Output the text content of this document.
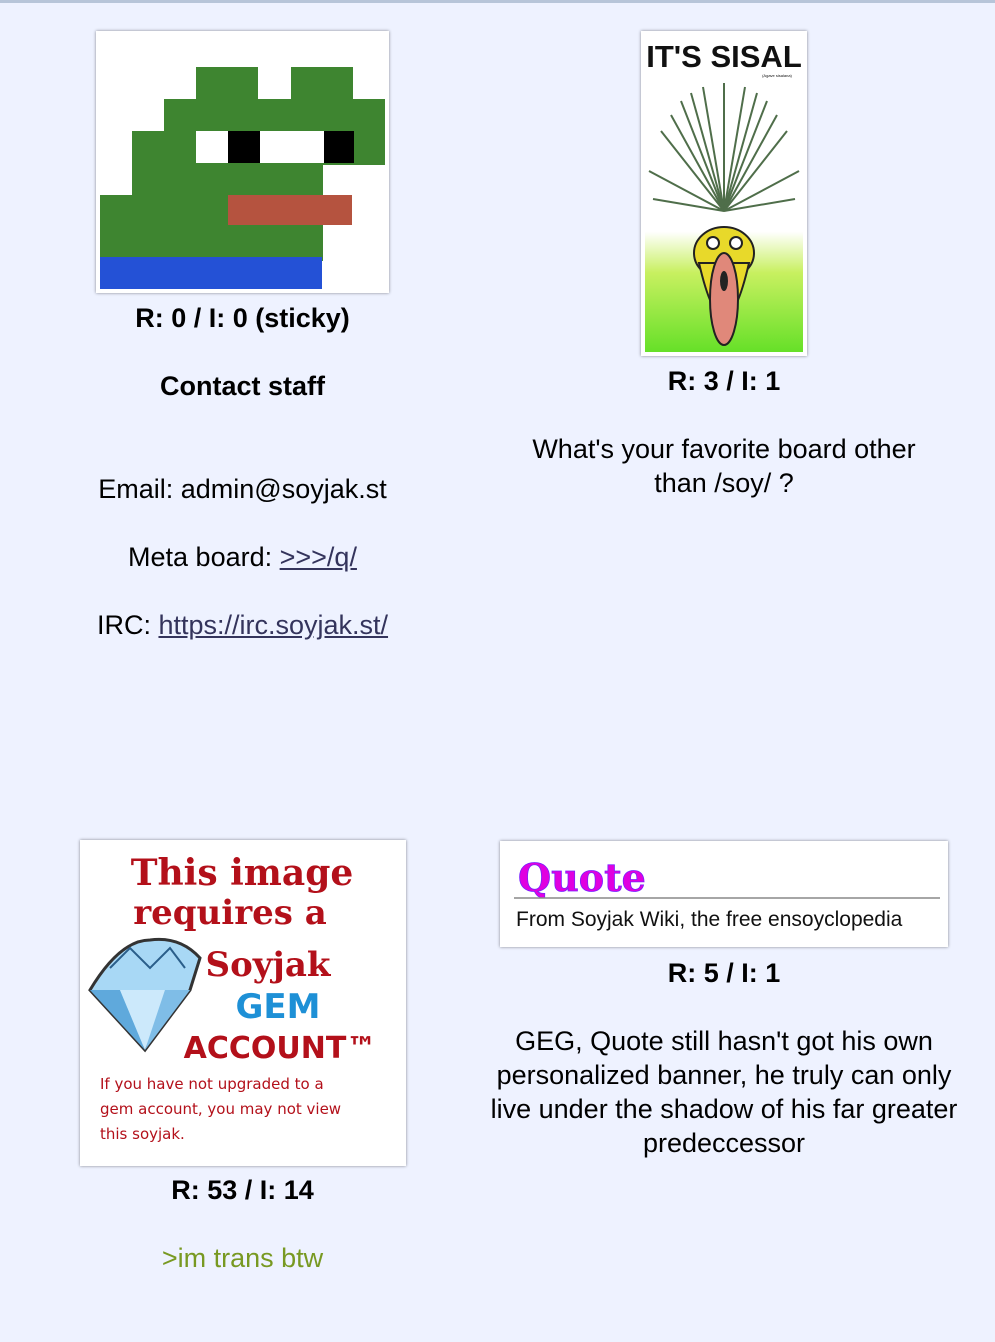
R: 0 / I: 0 (sticky)
Contact staff

Email: admin@soyjak.st

Meta board: >>>/q/

IRC: https://irc.soyjak.st/

IT'S SISAL
(Agave sisalana)
R: 3 / I: 1
What's your favorite board other than /soy/ ?
This image
requires a
Soyjak
GEM
ACCOUNT™
If you have not upgraded to a
gem account, you may not view
this soyjak.
R: 53 / I: 14
>im trans btw
Quote
From Soyjak Wiki, the free ensoyclopedia
R: 5 / I: 1
GEG, Quote still hasn't got his own personalized banner, he truly can only live under the shadow of his far greater predeccessor
